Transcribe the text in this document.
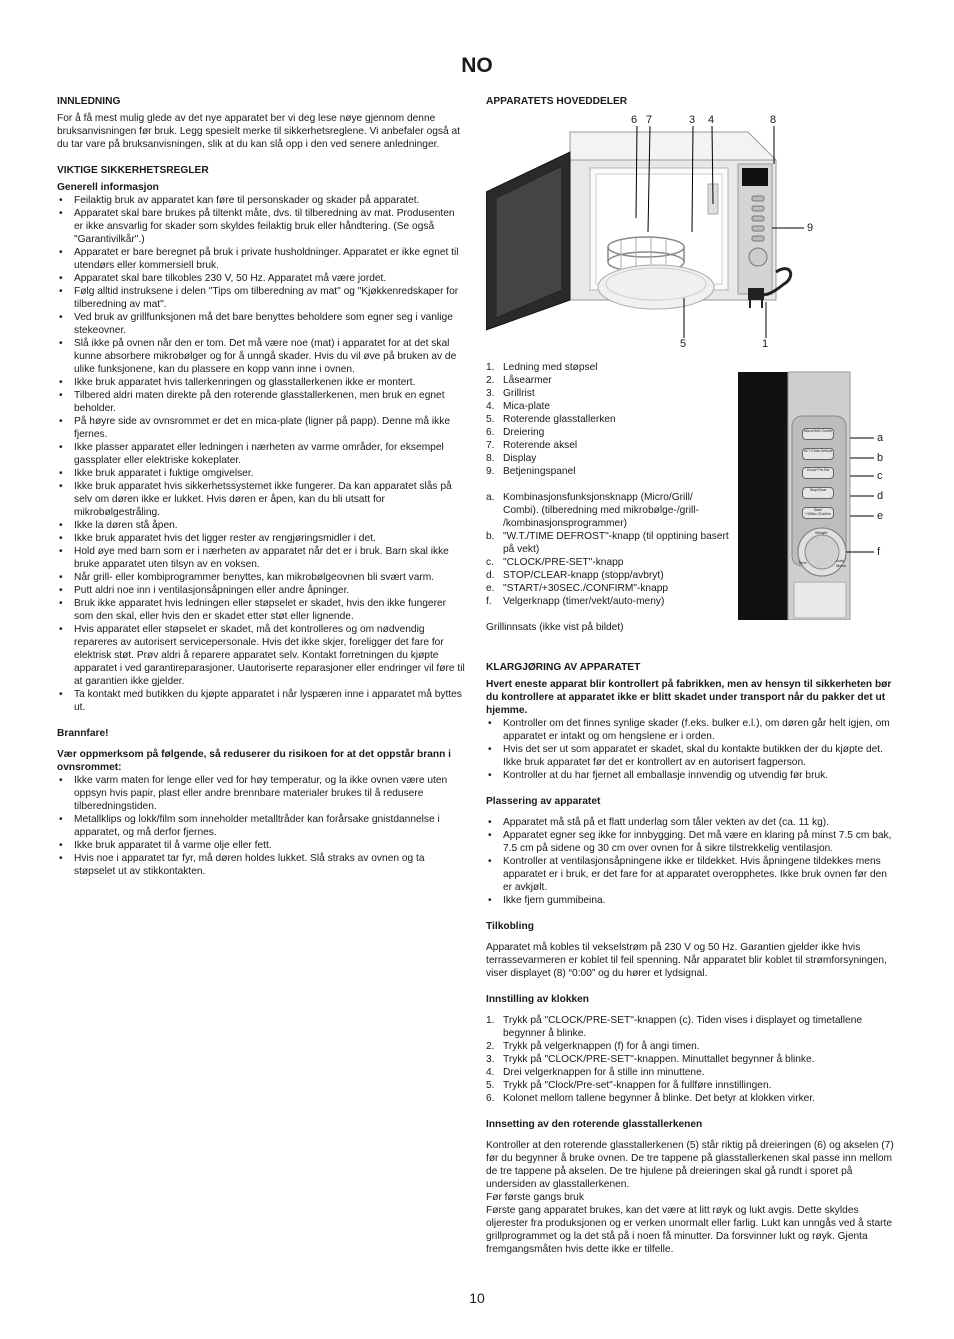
NO
INNLEDNING

For å få mest mulig glede av det nye apparatet ber vi deg lese nøye gjennom denne bruksanvisningen før bruk. Legg spesielt merke til sikkerhetsreglene. Vi anbefaler også at du tar vare på bruksanvisningen, slik at du kan slå opp i den ved senere anledninger.

VIKTIGE SIKKERHETSREGLER
Generell informasjon
• Feilaktig bruk av apparatet kan føre til personskader og skader på apparatet.
• Apparatet skal bare brukes på tiltenkt måte, dvs. til tilberedning av mat. Produsenten er ikke ansvarlig for skader som skyldes feilaktig bruk eller håndtering. (Se også "Garantivilkår".)
• Apparatet er bare beregnet på bruk i private husholdninger. Apparatet er ikke egnet til utendørs eller kommersiell bruk.
• Apparatet skal bare tilkobles 230 V, 50 Hz. Apparatet må være jordet.
• Følg alltid instruksene i delen "Tips om tilberedning av mat" og "Kjøkkenredskaper for tilberedning av mat".
• Ved bruk av grillfunksjonen må det bare benyttes beholdere som egner seg i vanlige stekeovner.
• Slå ikke på ovnen når den er tom. Det må være noe (mat) i apparatet for at det skal kunne absorbere mikrobølger og for å unngå skader. Hvis du vil øve på bruken av de ulike funksjonene, kan du plassere en kopp vann inne i ovnen.
• Ikke bruk apparatet hvis tallerkenringen og glasstallerkenen ikke er montert.
• Tilbered aldri maten direkte på den roterende glasstallerkenen, men bruk en egnet beholder.
• På høyre side av ovnsrommet er det en mica-plate (ligner på papp). Denne må ikke fjernes.
• Ikke plasser apparatet eller ledningen i nærheten av varme områder, for eksempel gassplater eller elektriske kokeplater.
• Ikke bruk apparatet i fuktige omgivelser.
• Ikke bruk apparatet hvis sikkerhetssystemet ikke fungerer. Da kan apparatet slås på selv om døren ikke er lukket. Hvis døren er åpen, kan du bli utsatt for mikrobølgestråling.
• Ikke la døren stå åpen.
• Ikke bruk apparatet hvis det ligger rester av rengjøringsmidler i det.
• Hold øye med barn som er i nærheten av apparatet når det er i bruk. Barn skal ikke bruke apparatet uten tilsyn av en voksen.
• Når grill- eller kombiprogrammer benyttes, kan mikrobølgeovnen bli svært varm.
• Putt aldri noe inn i ventilasjonsåpningen eller andre åpninger.
• Bruk ikke apparatet hvis ledningen eller støpselet er skadet, hvis den ikke fungerer som den skal, eller hvis den er skadet etter støt eller lignende.
• Hvis apparatet eller støpselet er skadet, må det kontrolleres og om nødvendig repareres av autorisert servicepersonale. Hvis det ikke skjer, foreligger det fare for elektrisk støt. Prøv aldri å reparere apparatet selv. Kontakt forretningen du kjøpte apparatet i ved garantireparasjoner. Uautoriserte reparasjoner eller endringer vil føre til at garantien ikke gjelder.
• Ta kontakt med butikken du kjøpte apparatet i når lyspæren inne i apparatet må byttes ut.
Brannfare!
Vær oppmerksom på følgende, så reduserer du risikoen for at det oppstår brann i ovnsrommet:
• Ikke varm maten for lenge eller ved for høy temperatur, og la ikke ovnen være uten oppsyn hvis papir, plast eller andre brennbare materialer brukes til å redusere tilberedningstiden.
• Metallklips og lokk/film som inneholder metalltråder kan forårsake gnistdannelse i apparatet, og må derfor fjernes.
• Ikke bruk apparatet til å varme olje eller fett.
• Hvis noe i apparatet tar fyr, må døren holdes lukket. Slå straks av ovnen og ta støpselet ut av stikkontakten.
APPARATETS HOVEDDELER
6 7	3 4	8
9
5	1
1. Ledning med støpsel
2. Låsearmer
3. Grillrist
4. Mica-plate
5. Roterende glasstallerken
6. Dreiering
7. Roterende aksel
8. Display
9. Betjeningspanel
a. Kombinasjonsfunksjonsknapp (Micro/Grill/ Combi). (tilberedning med mikrobølge-/grill- /kombinasjonsprogrammer)
b. "W.T./TIME DEFROST"-knapp (til opptining basert på vekt)
c. "CLOCK/PRE-SET"-knapp
d. STOP/CLEAR-knapp (stopp/avbryt)
e. "START/+30SEC./CONFIRM"-knapp
f. Velgerknapp (timer/vekt/auto-meny)

Grillinnsats (ikke vist på bildet)

Micro/Grill/ Combi
W.T./Time Defrost
Clock/ Pre-Set
Stop/Clear
Start/ +30Sec./Confirm
Weight
Time	Auto Menu
a
b
c
d
e
f
KLARGJØRING AV APPARATET
Hvert eneste apparat blir kontrollert på fabrikken, men av hensyn til sikkerheten bør du kontrollere at apparatet ikke er blitt skadet under transport når du pakker det ut hjemme.
• Kontroller om det finnes synlige skader (f.eks. bulker e.l.), om døren går helt igjen, om apparatet er intakt og om hengslene er i orden.
• Hvis det ser ut som apparatet er skadet, skal du kontakte butikken der du kjøpte det. Ikke bruk apparatet før det er kontrollert av en autorisert fagperson.
• Kontroller at du har fjernet all emballasje innvendig og utvendig før bruk.
Plassering av apparatet
• Apparatet må stå på et flatt underlag som tåler vekten av det (ca. 11 kg).
• Apparatet egner seg ikke for innbygging. Det må være en klaring på minst 7.5 cm bak, 7.5 cm på sidene og 30 cm over ovnen for å sikre tilstrekkelig ventilasjon.
• Kontroller at ventilasjonsåpningene ikke er tildekket. Hvis åpningene tildekkes mens apparatet er i bruk, er det fare for at apparatet overopphetes. Ikke bruk ovnen før den er avkjølt.
• Ikke fjern gummibeina.
Tilkobling

Apparatet må kobles til vekselstrøm på 230 V og 50 Hz. Garantien gjelder ikke hvis terrassevarmeren er koblet til feil spenning. Når apparatet blir koblet til strømforsyningen, viser displayet (8) “0:00” og du hører et lydsignal.

Innstilling av klokken
1. Trykk på "CLOCK/PRE-SET"-knappen (c). Tiden vises i displayet og timetallene begynner å blinke.
2. Trykk på velgerknappen (f) for å angi timen.
3. Trykk på "CLOCK/PRE-SET"-knappen. Minuttallet begynner å blinke.
4. Drei velgerknappen for å stille inn minuttene.
5. Trykk på "Clock/Pre-set"-knappen for å fullføre innstillingen.
6. Kolonet mellom tallene begynner å blinke. Det betyr at klokken virker.
Innsetting av den roterende glasstallerkenen

Kontroller at den roterende glasstallerkenen (5) står riktig på dreieringen (6) og akselen (7) før du begynner å bruke ovnen. De tre tappene på glasstallerkenen skal passe inn mellom de tre tappene på akselen. De tre hjulene på dreieringen skal gå rundt i sporet på undersiden av glasstallerkenen.

Før første gangs bruk

Første gang apparatet brukes, kan det være at litt røyk og lukt avgis. Dette skyldes oljerester fra produksjonen og er verken unormalt eller farlig. Lukt kan unngås ved å starte grillprogrammet og la det stå på i noen få minutter. Da forsvinner lukt og røyk. Gjenta fremgangsmåten hvis dette ikke er tilfelle.

10
